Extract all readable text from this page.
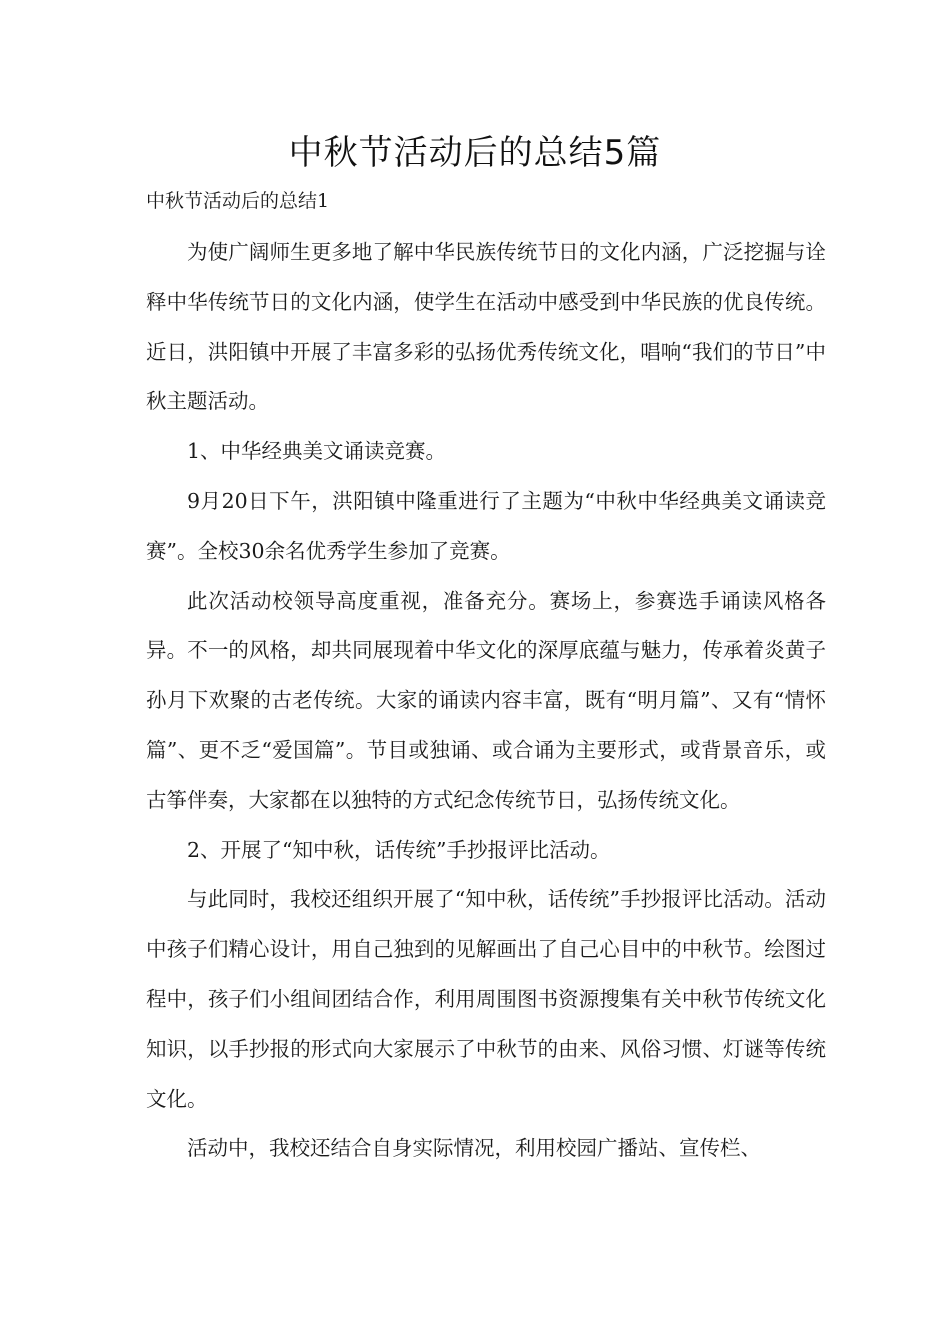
中秋节活动后的总结5篇
中秋节活动后的总结1

为使广阔师生更多地了解中华民族传统节日的文化内涵，广泛挖掘与诠释中华传统节日的文化内涵，使学生在活动中感受到中华民族的优良传统。近日，洪阳镇中开展了丰富多彩的弘扬优秀传统文化，唱响“我们的节日”中秋主题活动。

1、中华经典美文诵读竞赛。

9月20日下午，洪阳镇中隆重进行了主题为“中秋中华经典美文诵读竞赛”。全校30余名优秀学生参加了竞赛。

此次活动校领导高度重视，准备充分。赛场上，参赛选手诵读风格各异。不一的风格，却共同展现着中华文化的深厚底蕴与魅力，传承着炎黄子孙月下欢聚的古老传统。大家的诵读内容丰富，既有“明月篇”、又有“情怀篇”、更不乏“爱国篇”。节目或独诵、或合诵为主要形式，或背景音乐，或古筝伴奏，大家都在以独特的方式纪念传统节日，弘扬传统文化。

2、开展了“知中秋，话传统”手抄报评比活动。

与此同时，我校还组织开展了“知中秋，话传统”手抄报评比活动。活动中孩子们精心设计，用自己独到的见解画出了自己心目中的中秋节。绘图过程中，孩子们小组间团结合作，利用周围图书资源搜集有关中秋节传统文化知识，以手抄报的形式向大家展示了中秋节的由来、风俗习惯、灯谜等传统文化。

活动中，我校还结合自身实际情况，利用校园广播站、宣传栏、
